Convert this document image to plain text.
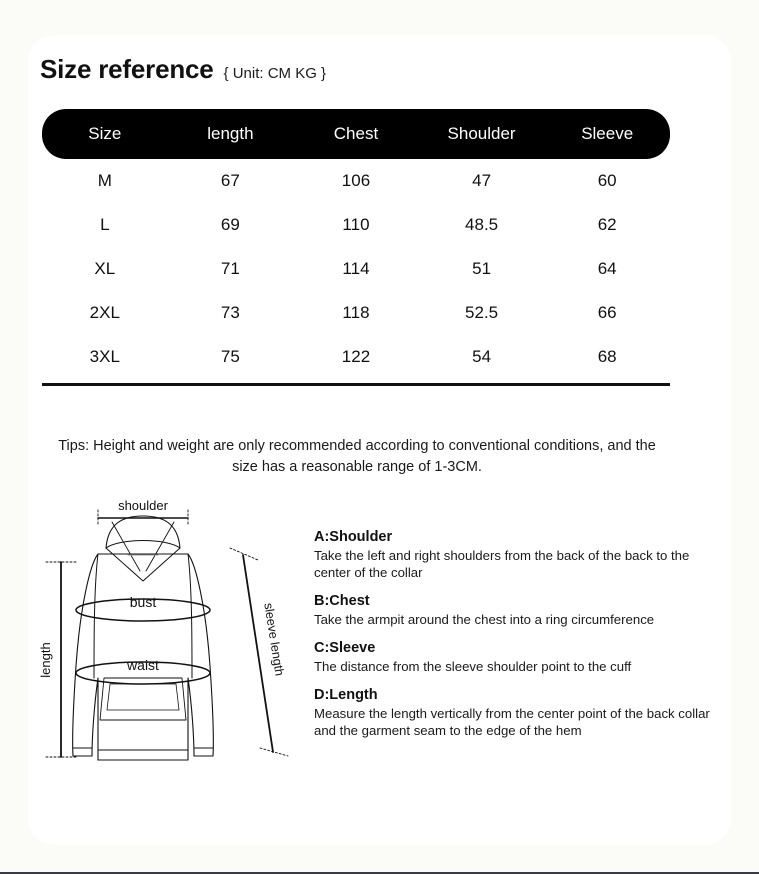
Size reference { Unit: CM KG }
Size	length	Chest	Shoulder	Sleeve
M	67	106	47	60
L	69	110	48.5	62
XL	71	114	51	64
2XL	73	118	52.5	66
3XL	75	122	54	68
Tips: Height and weight are only recommended according to conventional conditions, and the size has a reasonable range of 1-3CM.
shoulder
length
bust
waist	sleeve length
A:Shoulder
Take the left and right shoulders from the back of the back to the center of the collar
B:Chest
Take the armpit around the chest into a ring circumference
C:Sleeve
The distance from the sleeve shoulder point to the cuff
D:Length
Measure the length vertically from the center point of the back collar and the garment seam to the edge of the hem
